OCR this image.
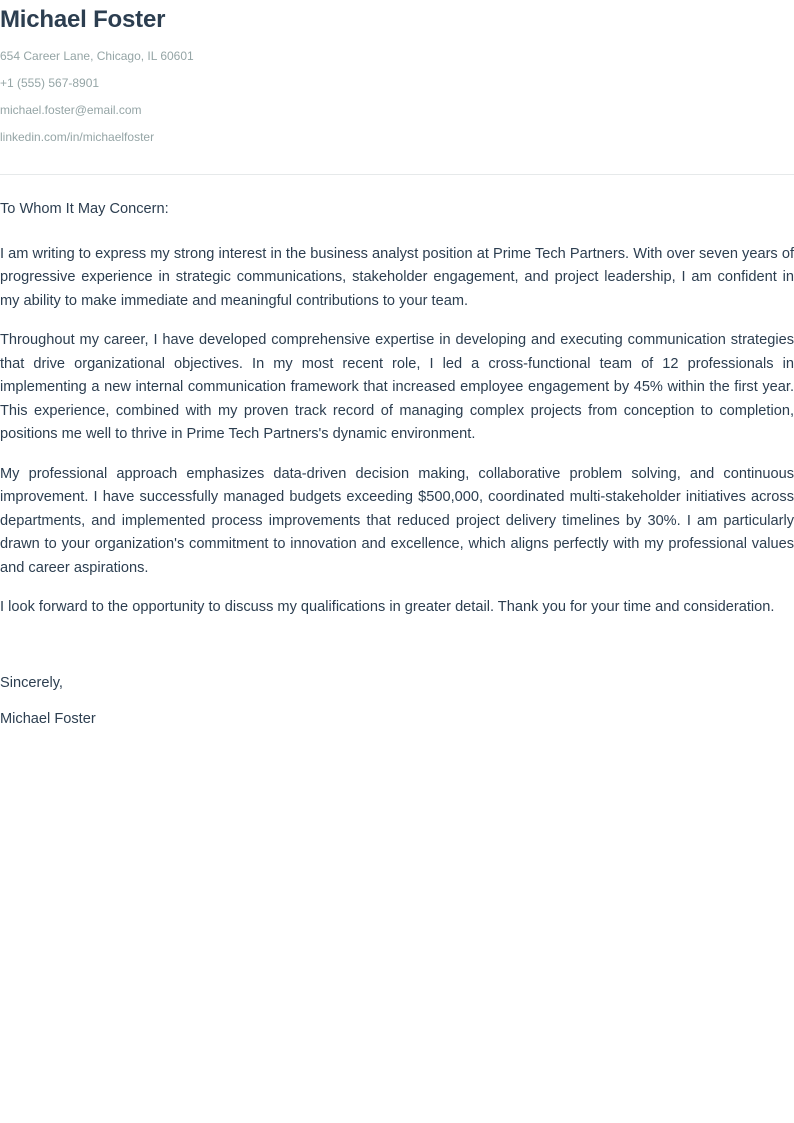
Michael Foster

654 Career Lane, Chicago, IL 60601

+1 (555) 567-8901

michael.foster@email.com

linkedin.com/in/michaelfoster

To Whom It May Concern:

I am writing to express my strong interest in the business analyst position at Prime Tech Partners. With over seven years of progressive experience in strategic communications, stakeholder engagement, and project leadership, I am confident in my ability to make immediate and meaningful contributions to your team.

Throughout my career, I have developed comprehensive expertise in developing and executing communication strategies that drive organizational objectives. In my most recent role, I led a cross-functional team of 12 professionals in implementing a new internal communication framework that increased employee engagement by 45% within the first year. This experience, combined with my proven track record of managing complex projects from conception to completion, positions me well to thrive in Prime Tech Partners's dynamic environment.

My professional approach emphasizes data-driven decision making, collaborative problem solving, and continuous improvement. I have successfully managed budgets exceeding $500,000, coordinated multi-stakeholder initiatives across departments, and implemented process improvements that reduced project delivery timelines by 30%. I am particularly drawn to your organization's commitment to innovation and excellence, which aligns perfectly with my professional values and career aspirations.

I look forward to the opportunity to discuss my qualifications in greater detail. Thank you for your time and consideration.

Sincerely,

Michael Foster
